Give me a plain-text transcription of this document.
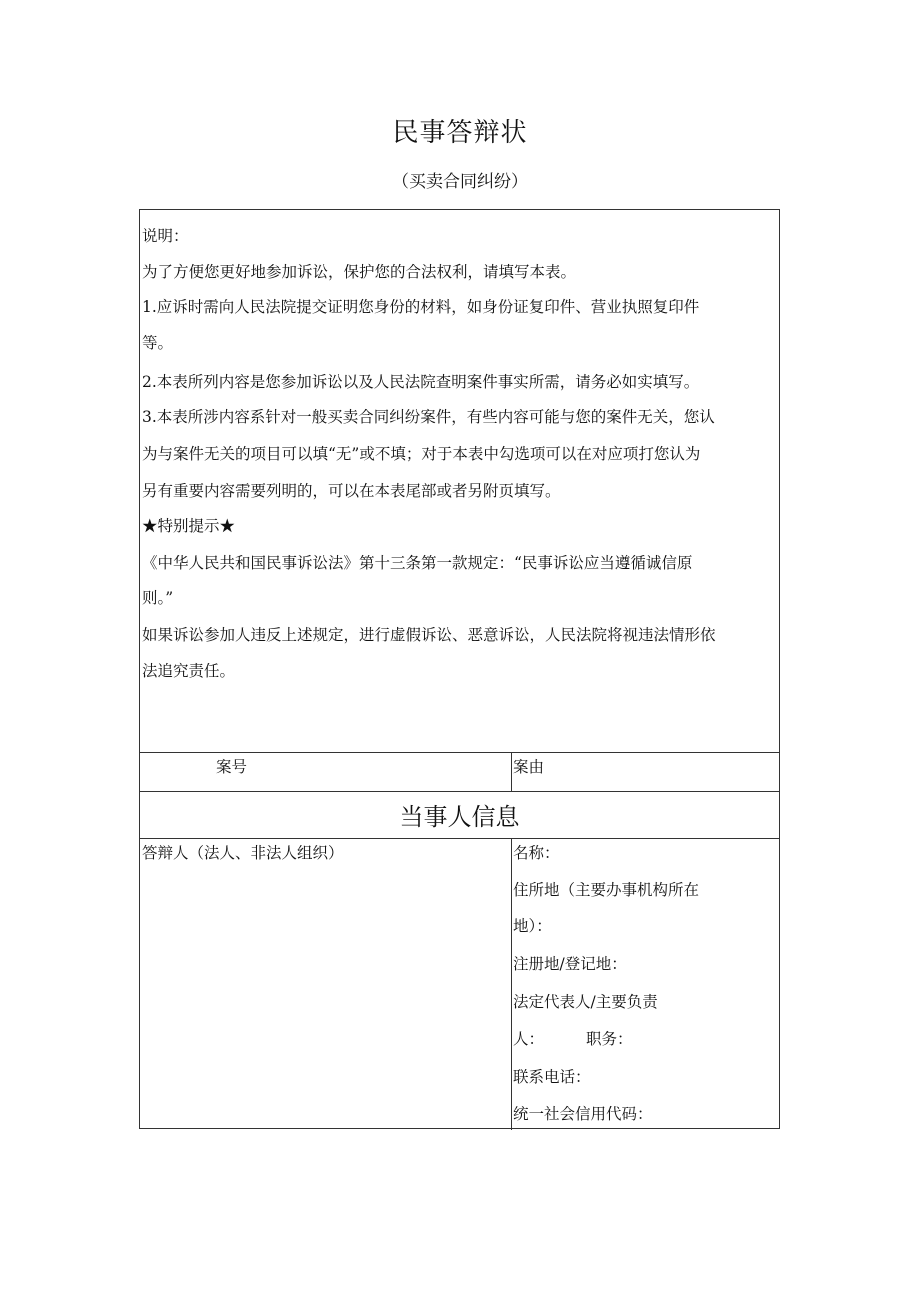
民事答辩状
（买卖合同纠纷）
说明：
为了方便您更好地参加诉讼，保护您的合法权利，请填写本表。
1.应诉时需向人民法院提交证明您身份的材料，如身份证复印件、营业执照复印件
等。
2.本表所列内容是您参加诉讼以及人民法院查明案件事实所需，请务必如实填写。
3.本表所涉内容系针对一般买卖合同纠纷案件，有些内容可能与您的案件无关，您认
为与案件无关的项目可以填“无”或不填；对于本表中勾选项可以在对应项打您认为
另有重要内容需要列明的，可以在本表尾部或者另附页填写。
★特别提示★
《中华人民共和国民事诉讼法》第十三条第一款规定：“民事诉讼应当遵循诚信原
则。”
如果诉讼参加人违反上述规定，进行虚假诉讼、恶意诉讼，人民法院将视违法情形依
法追究责任。
案号	案由
当事人信息
答辩人（法人、非法人组织）	名称：
住所地（主要办事机构所在
地）：
注册地/登记地：
法定代表人/主要负责
人：	职务：
联系电话：
统一社会信用代码：
